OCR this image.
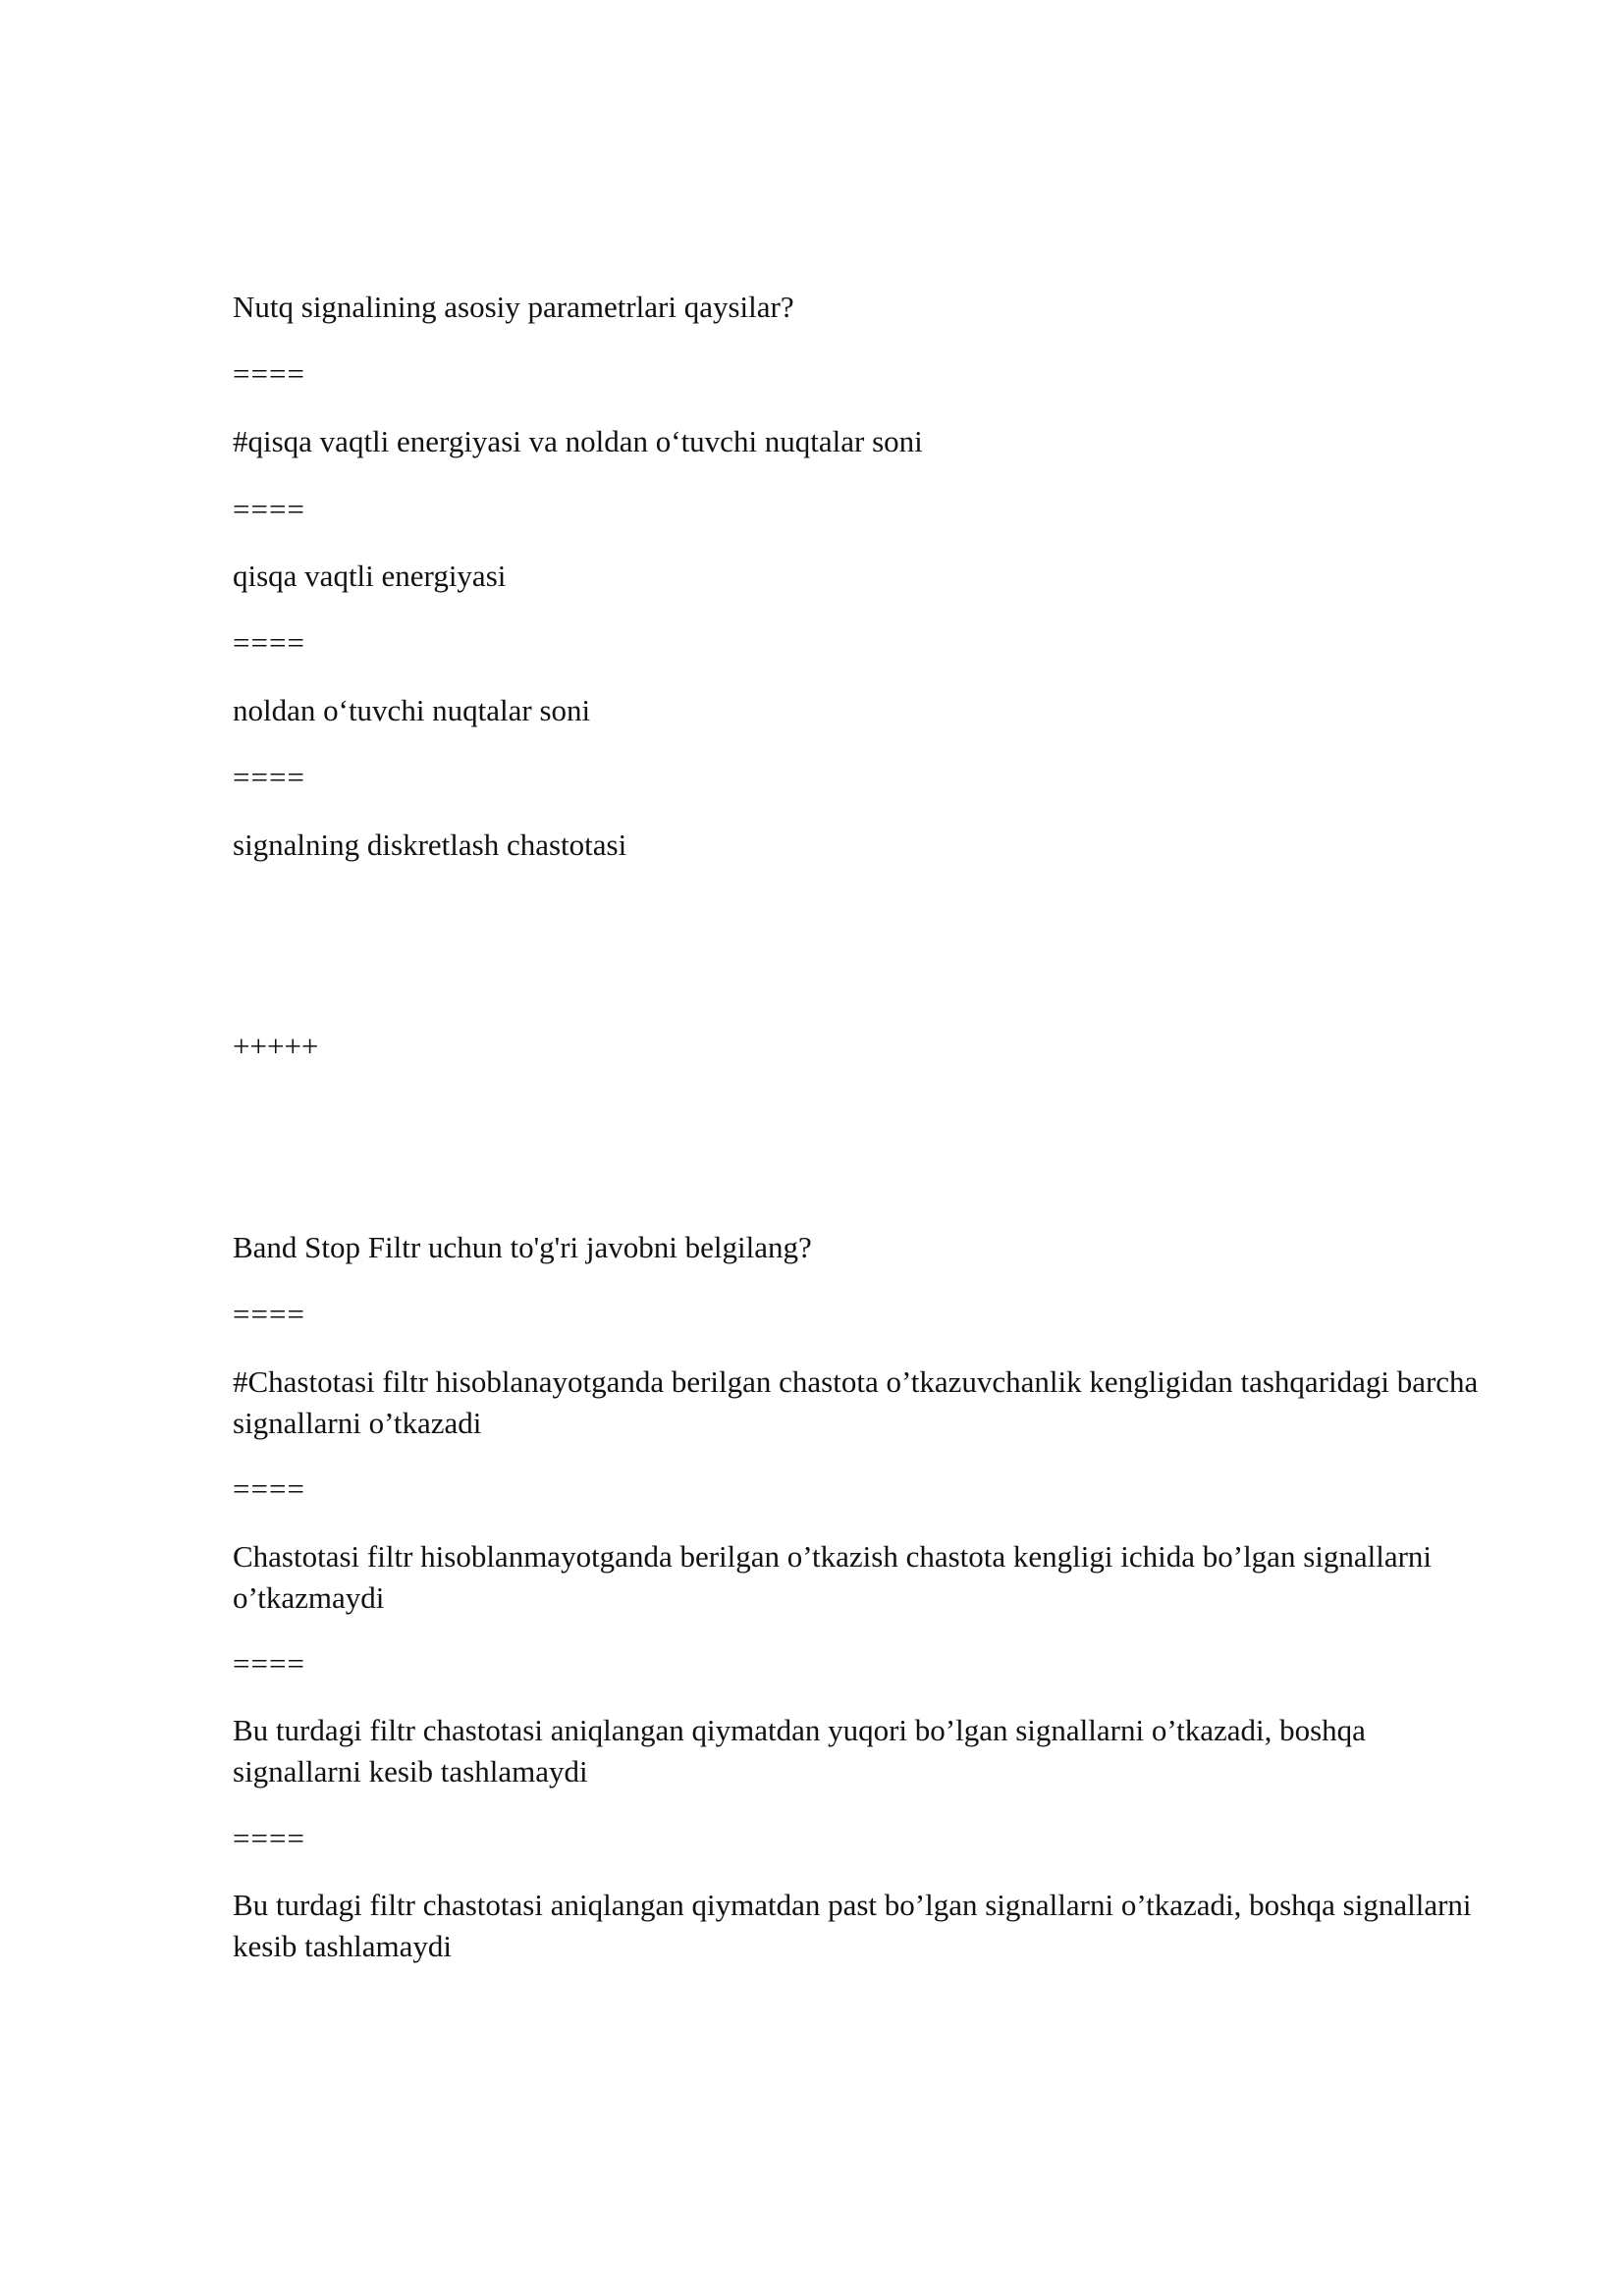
Nutq signalining asosiy parametrlari qaysilar?

====

#qisqa vaqtli energiyasi va noldan o‘tuvchi nuqtalar soni

====

qisqa vaqtli energiyasi

====

noldan o‘tuvchi nuqtalar soni

====

signalning diskretlash chastotasi

+++++

Band Stop Filtr uchun to'g'ri javobni belgilang?

====

#Chastotasi filtr hisoblanayotganda berilgan chastota o’tkazuvchanlik kengligidan tashqaridagi barcha signallarni o’tkazadi

====

Chastotasi filtr hisoblanmayotganda berilgan o’tkazish chastota kengligi ichida bo’lgan signallarni o’tkazmaydi

====

Bu turdagi filtr chastotasi aniqlangan qiymatdan yuqori bo’lgan signallarni o’tkazadi, boshqa signallarni kesib tashlamaydi

====

Bu turdagi filtr chastotasi aniqlangan qiymatdan past bo’lgan signallarni o’tkazadi, boshqa signallarni kesib tashlamaydi
